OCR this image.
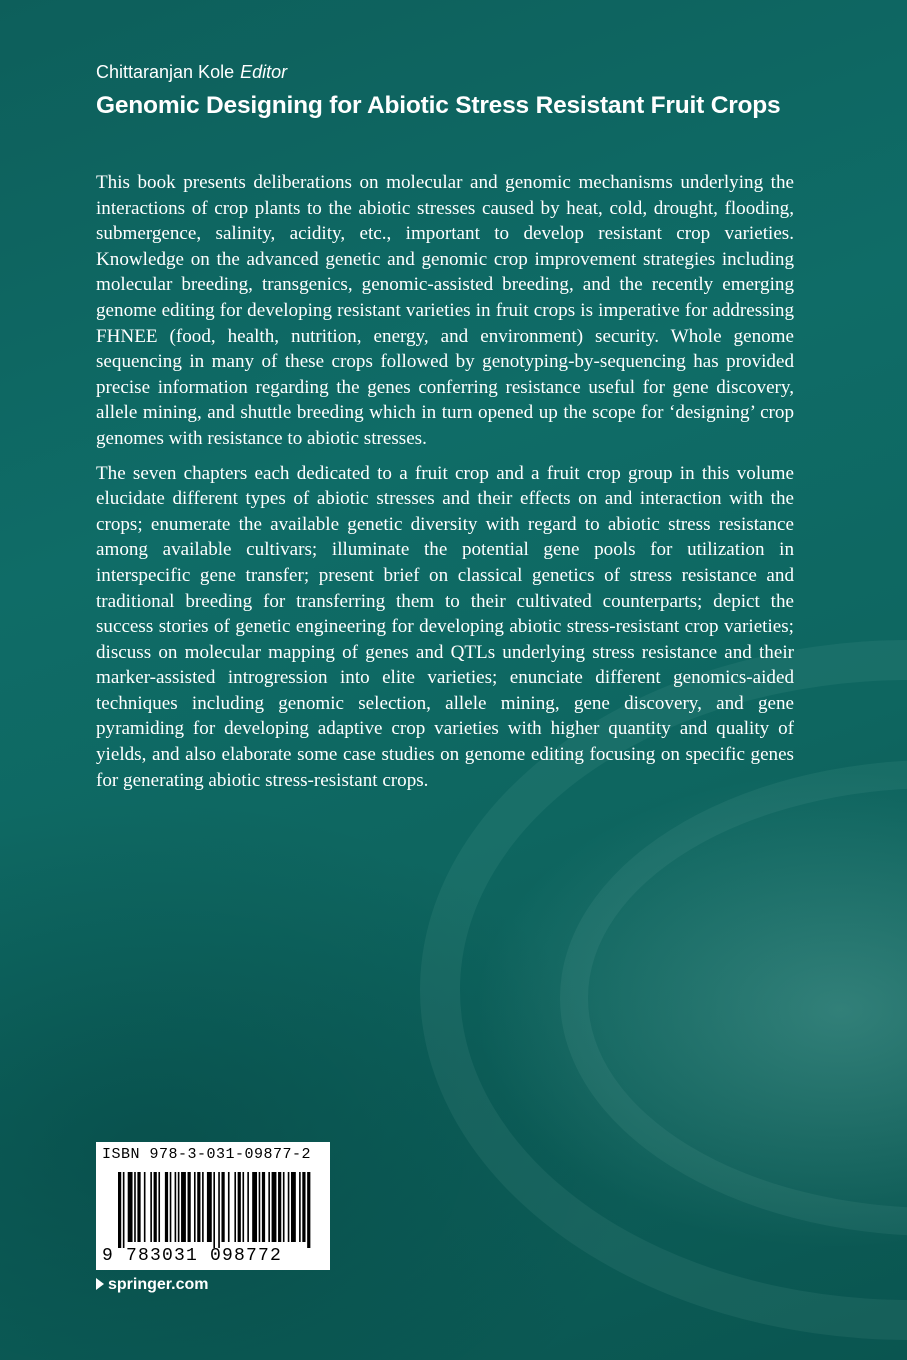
Chittaranjan Kole Editor
Genomic Designing for Abiotic Stress Resistant Fruit Crops

This book presents deliberations on molecular and genomic mechanisms underlying the interactions of crop plants to the abiotic stresses caused by heat, cold, drought, flooding, submergence, salinity, acidity, etc., important to develop resistant crop varieties. Knowledge on the advanced genetic and genomic crop improvement strategies including molecular breeding, transgenics, genomic-assisted breeding, and the recently emerging genome editing for developing resistant varieties in fruit crops is imperative for addressing FHNEE (food, health, nutrition, energy, and environment) security. Whole genome sequencing in many of these crops followed by genotyping-by-sequencing has provided precise information regarding the genes conferring resistance useful for gene discovery, allele mining, and shuttle breeding which in turn opened up the scope for ‘designing’ crop genomes with resistance to abiotic stresses.

The seven chapters each dedicated to a fruit crop and a fruit crop group in this volume elucidate different types of abiotic stresses and their effects on and interaction with the crops; enumerate the available genetic diversity with regard to abiotic stress resistance among available cultivars; illuminate the potential gene pools for utilization in interspecific gene transfer; present brief on classical genetics of stress resistance and traditional breeding for transferring them to their cultivated counterparts; depict the success stories of genetic engineering for developing abiotic stress-resistant crop varieties; discuss on molecular mapping of genes and QTLs underlying stress resistance and their marker-assisted introgression into elite varieties; enunciate different genomics-aided techniques including genomic selection, allele mining, gene discovery, and gene pyramiding for developing adaptive crop varieties with higher quantity and quality of yields, and also elaborate some case studies on genome editing focusing on specific genes for generating abiotic stress-resistant crops.

ISBN 978-3-031-09877-2
9 783031 098772
springer.com
